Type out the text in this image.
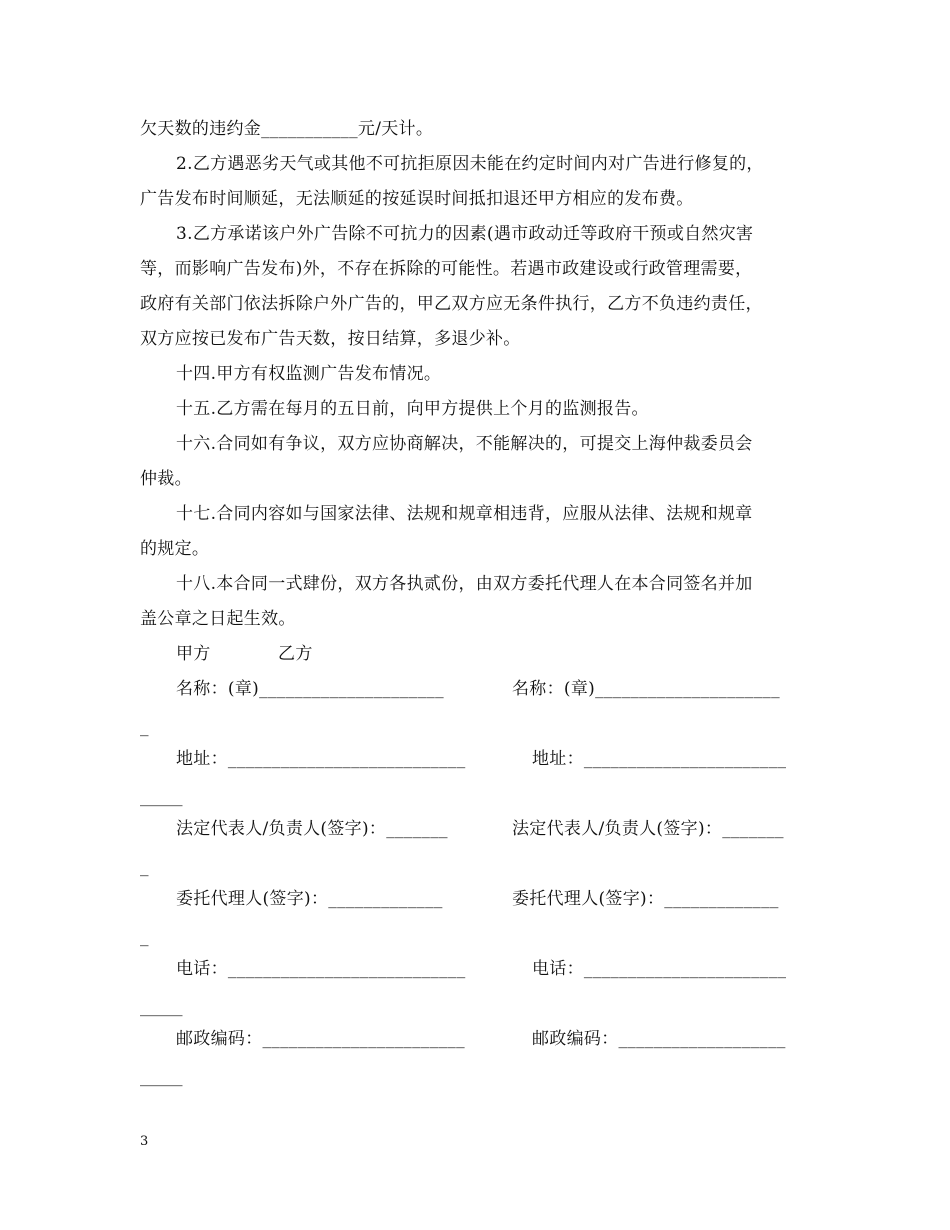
欠天数的违约金___________元/天计。
2.乙方遇恶劣天气或其他不可抗拒原因未能在约定时间内对广告进行修复的，
广告发布时间顺延，无法顺延的按延误时间抵扣退还甲方相应的发布费。
3.乙方承诺该户外广告除不可抗力的因素(遇市政动迁等政府干预或自然灾害
等，而影响广告发布)外，不存在拆除的可能性。若遇市政建设或行政管理需要，
政府有关部门依法拆除户外广告的，甲乙双方应无条件执行，乙方不负违约责任，
双方应按已发布广告天数，按日结算，多退少补。
十四.甲方有权监测广告发布情况。
十五.乙方需在每月的五日前，向甲方提供上个月的监测报告。
十六.合同如有争议，双方应协商解决，不能解决的，可提交上海仲裁委员会
仲裁。
十七.合同内容如与国家法律、法规和规章相违背，应服从法律、法规和规章
的规定。
十八.本合同一式肆份，双方各执贰份，由双方委托代理人在本合同签名并加
盖公章之日起生效。
甲方	乙方
名称：(章)_____________________	名称：(章)_____________________
_
地址：___________________________	地址：_______________________
_____
法定代表人/负责人(签字)：_______	法定代表人/负责人(签字)：_______
_
委托代理人(签字)：_____________	委托代理人(签字)：_____________
_
电话：___________________________	电话：_______________________
_____
邮政编码：_______________________	邮政编码：___________________
_____
3
